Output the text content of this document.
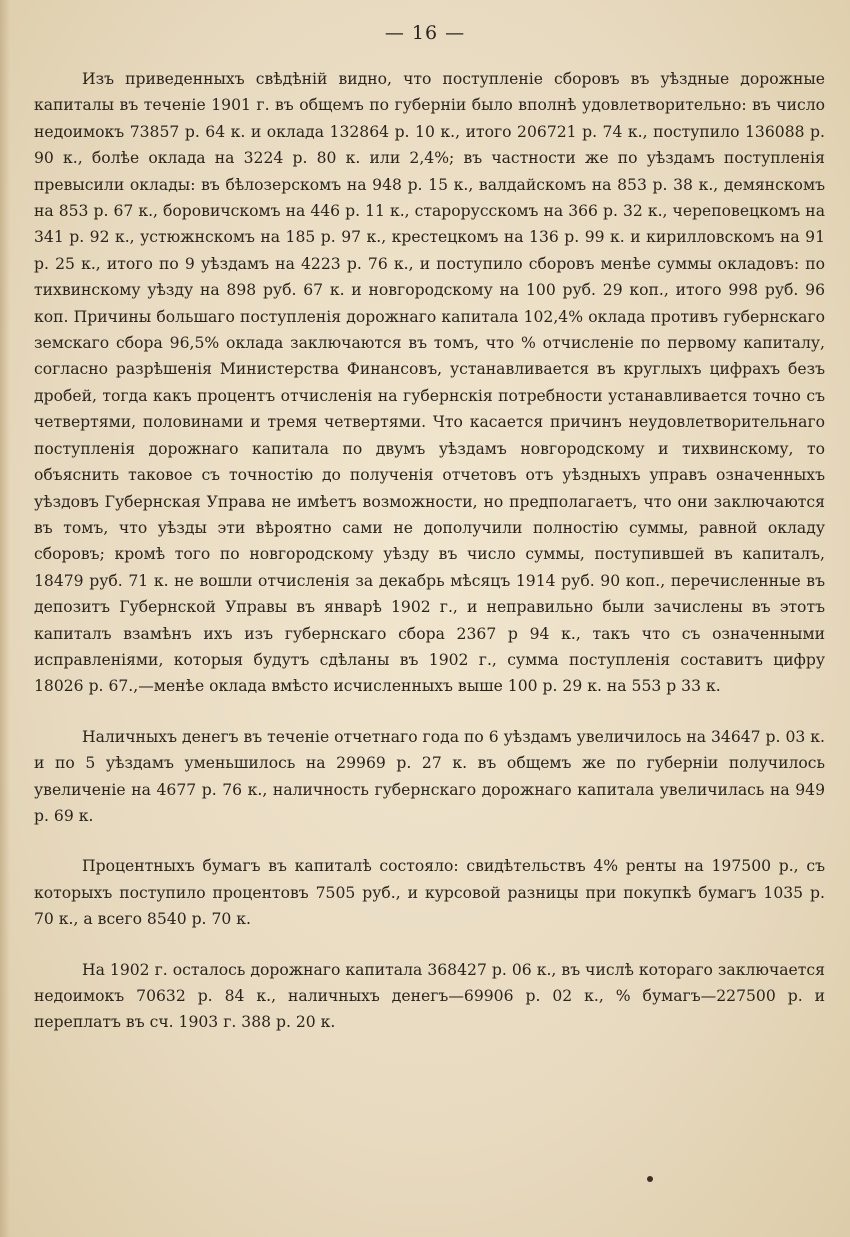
— 16 —

Изъ приведенныхъ свѣдѣній видно, что поступленіе сборовъ въ уѣздные дорожные капиталы въ теченіе 1901 г. въ общемъ по губерніи было вполнѣ удовлетворительно: въ число недоимокъ 73857 р. 64 к. и оклада 132864 р. 10 к., итого 206721 р. 74 к., поступило 136088 р. 90 к., болѣе оклада на 3224 р. 80 к. или 2,4%; въ частности же по уѣздамъ поступленія превысили оклады: въ бѣлозерскомъ на 948 р. 15 к., валдайскомъ на 853 р. 38 к., демянскомъ на 853 р. 67 к., боровичскомъ на 446 р. 11 к., старорусскомъ на 366 р. 32 к., череповецкомъ на 341 р. 92 к., устюжнскомъ на 185 р. 97 к., крестецкомъ на 136 р. 99 к. и кирилловскомъ на 91 р. 25 к., итого по 9 уѣздамъ на 4223 р. 76 к., и поступило сборовъ менѣе суммы окладовъ: по тихвинскому уѣзду на 898 руб. 67 к. и новгородскому на 100 руб. 29 коп., итого 998 руб. 96 коп. Причины большаго поступленія дорожнаго капитала 102,4% оклада противъ губернскаго земскаго сбора 96,5% оклада заключаются въ томъ, что % отчисленіе по первому капиталу, согласно разрѣшенія Министерства Финансовъ, устанавливается въ круглыхъ цифрахъ безъ дробей, тогда какъ процентъ отчисленія на губернскія потребности устанавливается точно съ четвертями, половинами и тремя четвертями. Что касается причинъ неудовлетворительнаго поступленія дорожнаго капитала по двумъ уѣздамъ новгородскому и тихвинскому, то объяснить таковое съ точностію до полученія отчетовъ отъ уѣздныхъ управъ означенныхъ уѣздовъ Губернская Управа не имѣетъ возможности, но предполагаетъ, что они заключаются въ томъ, что уѣзды эти вѣроятно сами не дополучили полностію суммы, равной окладу сборовъ; кромѣ того по новгородскому уѣзду въ число суммы, поступившей въ капиталъ, 18479 руб. 71 к. не вошли отчисленія за декабрь мѣсяцъ 1914 руб. 90 коп., перечисленные въ депозитъ Губернской Управы въ январѣ 1902 г., и неправильно были зачислены въ этотъ капиталъ взамѣнъ ихъ изъ губернскаго сбора 2367 р 94 к., такъ что съ означенными исправленіями, которыя будутъ сдѣланы въ 1902 г., сумма поступленія составитъ цифру 18026 р. 67.,—менѣе оклада вмѣсто исчисленныхъ выше 100 р. 29 к. на 553 р 33 к.

Наличныхъ денегъ въ теченіе отчетнаго года по 6 уѣздамъ увеличилось на 34647 р. 03 к. и по 5 уѣздамъ уменьшилось на 29969 р. 27 к. въ общемъ же по губерніи получилось увеличеніе на 4677 р. 76 к., наличность губернскаго дорожнаго капитала увеличилась на 949 р. 69 к.

Процентныхъ бумагъ въ капиталѣ состояло: свидѣтельствъ 4% ренты на 197500 р., съ которыхъ поступило процентовъ 7505 руб., и курсовой разницы при покупкѣ бумагъ 1035 р. 70 к., а всего 8540 р. 70 к.

На 1902 г. осталось дорожнаго капитала 368427 р. 06 к., въ числѣ котораго заключается недоимокъ 70632 р. 84 к., наличныхъ денегъ—69906 р. 02 к., % бумагъ—227500 р. и переплатъ въ сч. 1903 г. 388 р. 20 к.
